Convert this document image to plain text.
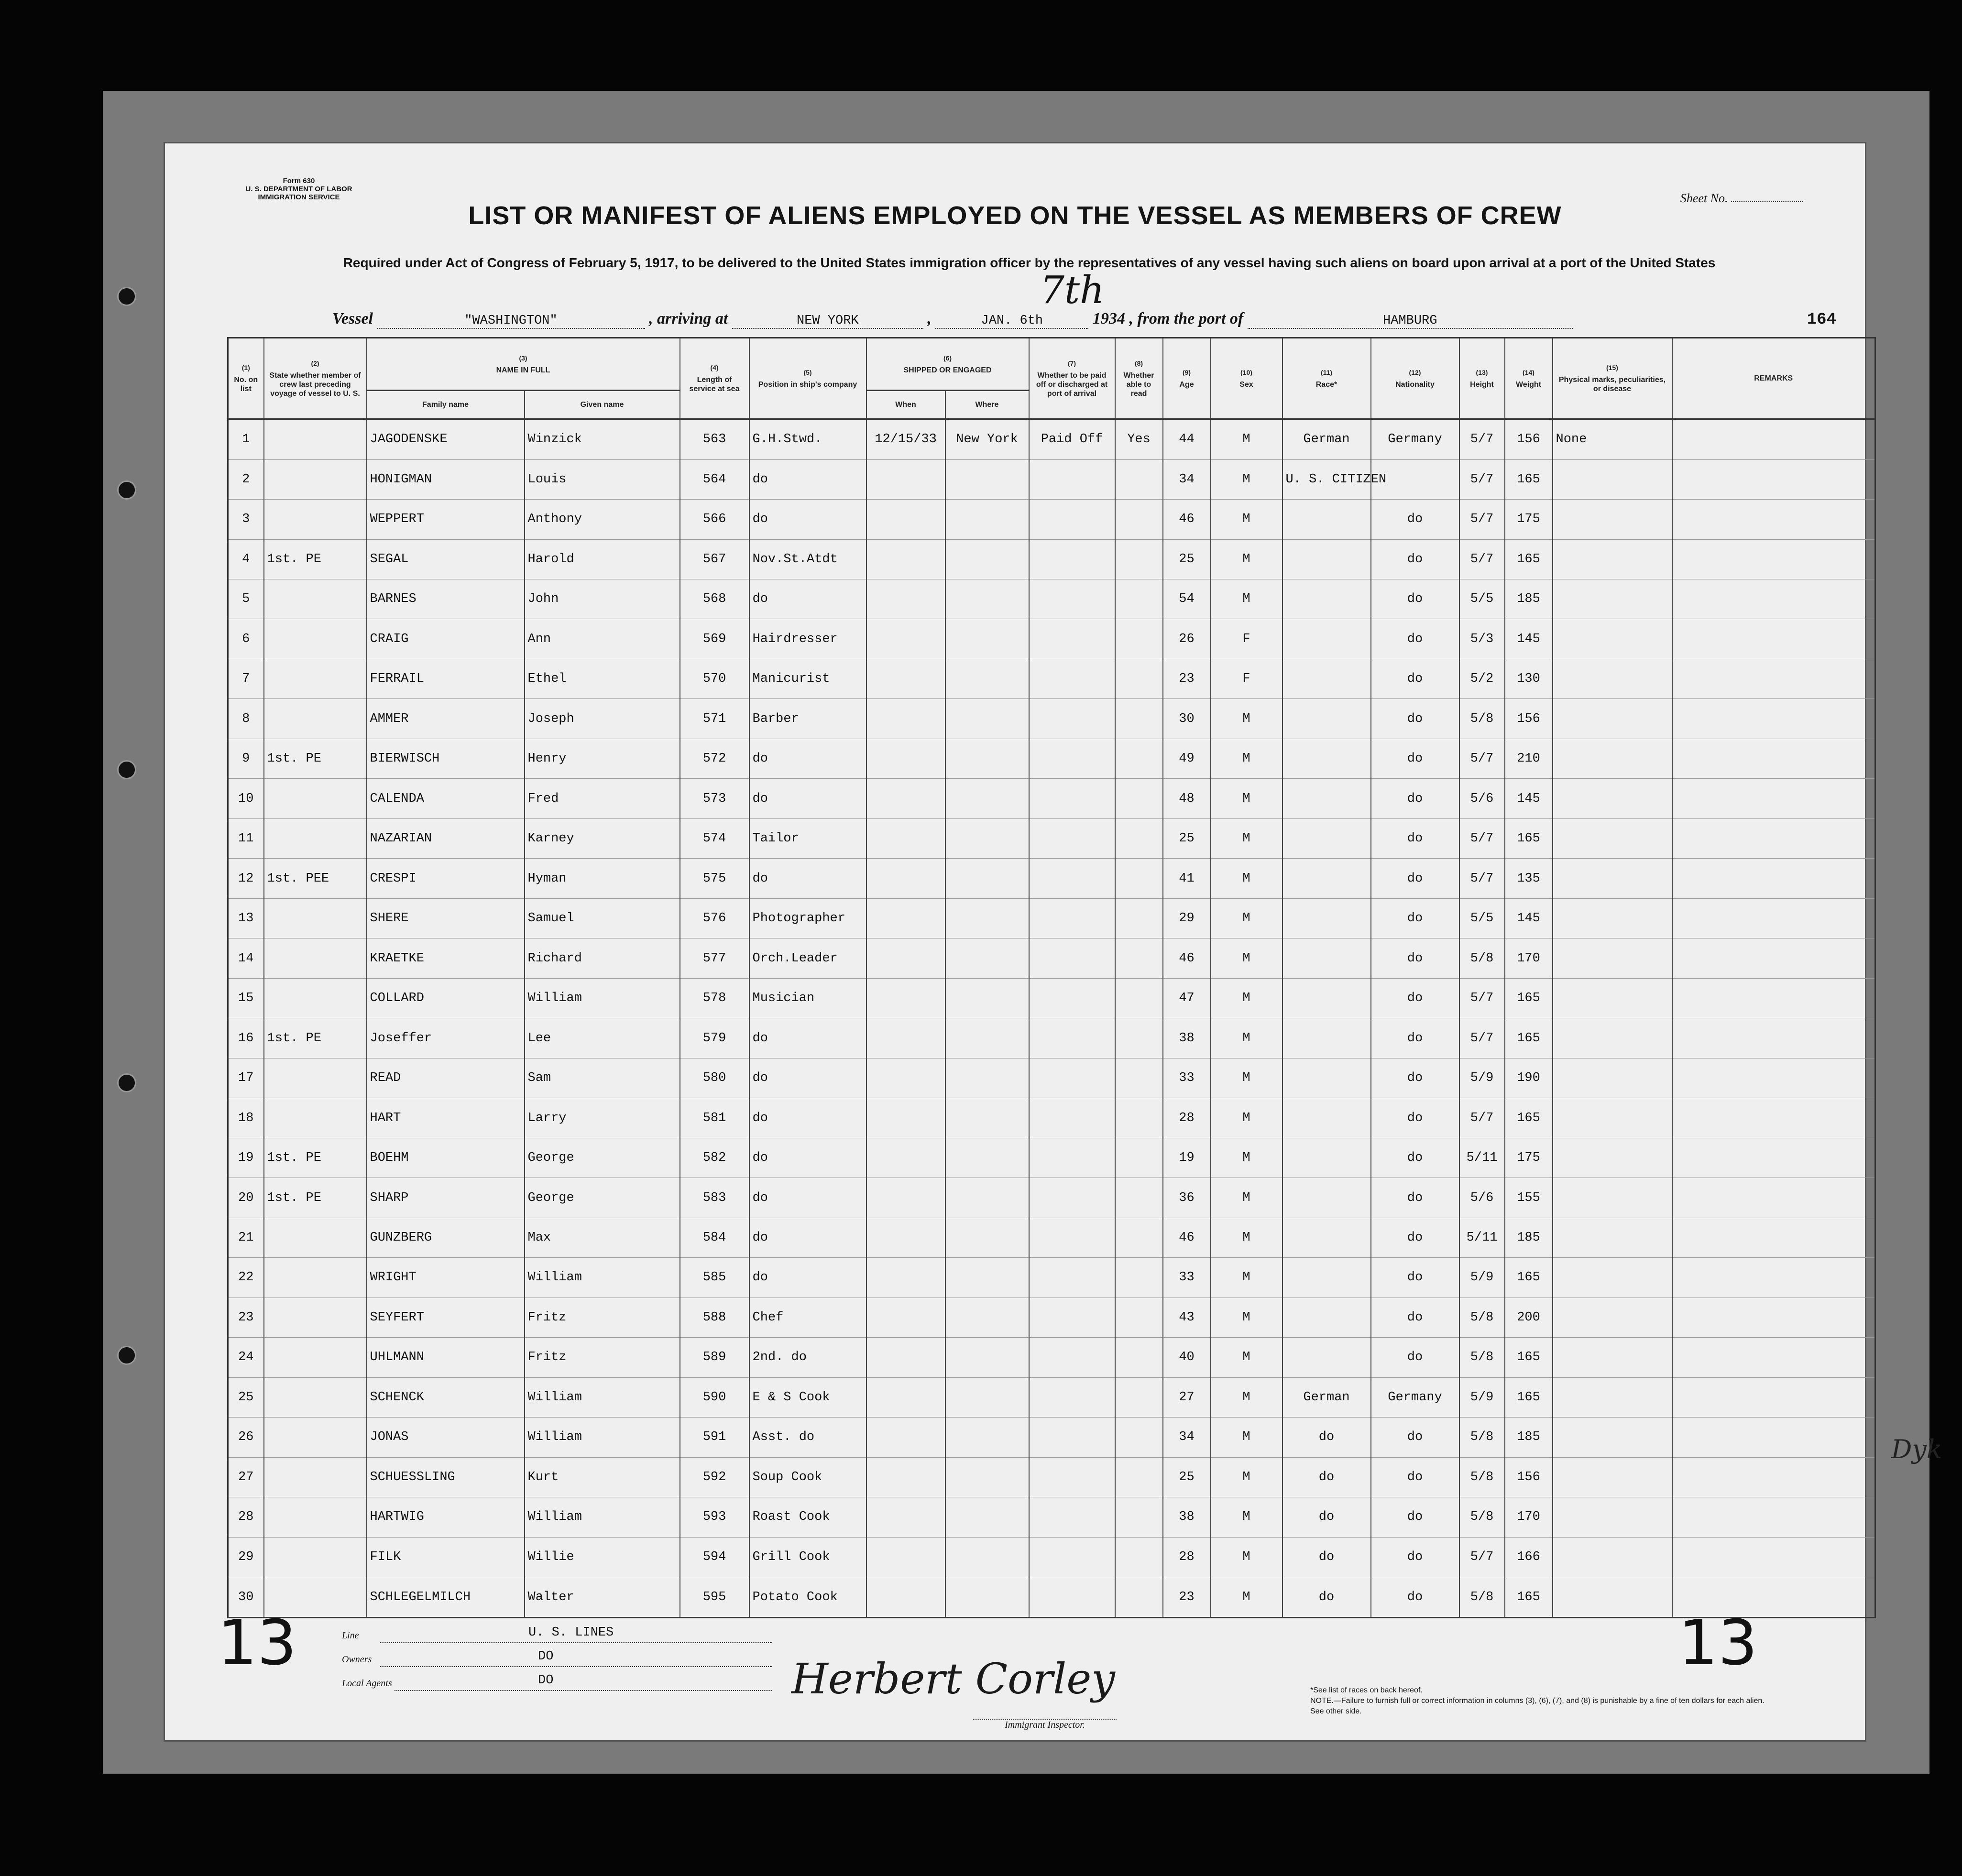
Form 630
U. S. DEPARTMENT OF LABOR
IMMIGRATION SERVICE	Sheet No.
LIST OR MANIFEST OF ALIENS EMPLOYED ON THE VESSEL AS MEMBERS OF CREW
Required under Act of Congress of February 5, 1917, to be delivered to the United States immigration officer by the representatives of any vessel having such aliens on board upon arrival at a port of the United States
7th
Vessel	"WASHINGTON"	, arriving at	NEW YORK	,	JAN. 6th	1934 , from the port of	HAMBURG	164
(1)
No. on list	(2)
State whether member of crew last preceding voyage of vessel to U. S.	(3)
NAME IN FULL		(4)
Length of service at sea	(5)
Position in ship's company	(6)
SHIPPED OR ENGAGED		(7)
Whether to be paid off or discharged at port of arrival	(8)
Whether able to read	(9)
Age	(10)
Sex	(11)
Race*	(12)
Nationality	(13)
Height	(14)
Weight	(15)
Physical marks, peculiarities, or disease	REMARKS
		Family name	Given name			When	Where										
1		JAGODENSKE	Winzick	563	G.H.Stwd.	12/15/33	New York	Paid Off	Yes	44	M	German	Germany	5/7	156	None	
2		HONIGMAN	Louis	564	do					34	M	U. S. CITIZEN		5/7	165		
3		WEPPERT	Anthony	566	do					46	M		do	5/7	175		
4	1st. PE	SEGAL	Harold	567	Nov.St.Atdt					25	M		do	5/7	165		
5		BARNES	John	568	do					54	M		do	5/5	185		
6		CRAIG	Ann	569	Hairdresser					26	F		do	5/3	145		
7		FERRAIL	Ethel	570	Manicurist					23	F		do	5/2	130		
8		AMMER	Joseph	571	Barber					30	M		do	5/8	156		
9	1st. PE	BIERWISCH	Henry	572	do					49	M		do	5/7	210		
10		CALENDA	Fred	573	do					48	M		do	5/6	145		
11		NAZARIAN	Karney	574	Tailor					25	M		do	5/7	165		
12	1st. PEE	CRESPI	Hyman	575	do					41	M		do	5/7	135		
13		SHERE	Samuel	576	Photographer					29	M		do	5/5	145		
14		KRAETKE	Richard	577	Orch.Leader					46	M		do	5/8	170		
15		COLLARD	William	578	Musician					47	M		do	5/7	165		
16	1st. PE	Joseffer	Lee	579	do					38	M		do	5/7	165		
17		READ	Sam	580	do					33	M		do	5/9	190		
18		HART	Larry	581	do					28	M		do	5/7	165		
19	1st. PE	BOEHM	George	582	do					19	M		do	5/11	175		
20	1st. PE	SHARP	George	583	do					36	M		do	5/6	155		
21		GUNZBERG	Max	584	do					46	M		do	5/11	185		
22		WRIGHT	William	585	do					33	M		do	5/9	165		
23		SEYFERT	Fritz	588	Chef					43	M		do	5/8	200		
24		UHLMANN	Fritz	589	2nd. do					40	M		do	5/8	165		
25		SCHENCK	William	590	E & S Cook					27	M	German	Germany	5/9	165		
26		JONAS	William	591	Asst. do					34	M	do	do	5/8	185		
27		SCHUESSLING	Kurt	592	Soup Cook					25	M	do	do	5/8	156		
28		HARTWIG	William	593	Roast Cook					38	M	do	do	5/8	170		
29		FILK	Willie	594	Grill Cook					28	M	do	do	5/7	166		
30		SCHLEGELMILCH	Walter	595	Potato Cook					23	M	do	do	5/8	165		
13	Line	U. S. LINES
Owners	DO
Local Agents	DO	Herbert Corley
Immigrant Inspector.
*See list of races on back hereof.
NOTE.—Failure to furnish full or correct information in columns (3), (6), (7), and (8) is punishable by a fine of ten dollars for each alien. See other side.
13
Dyk
